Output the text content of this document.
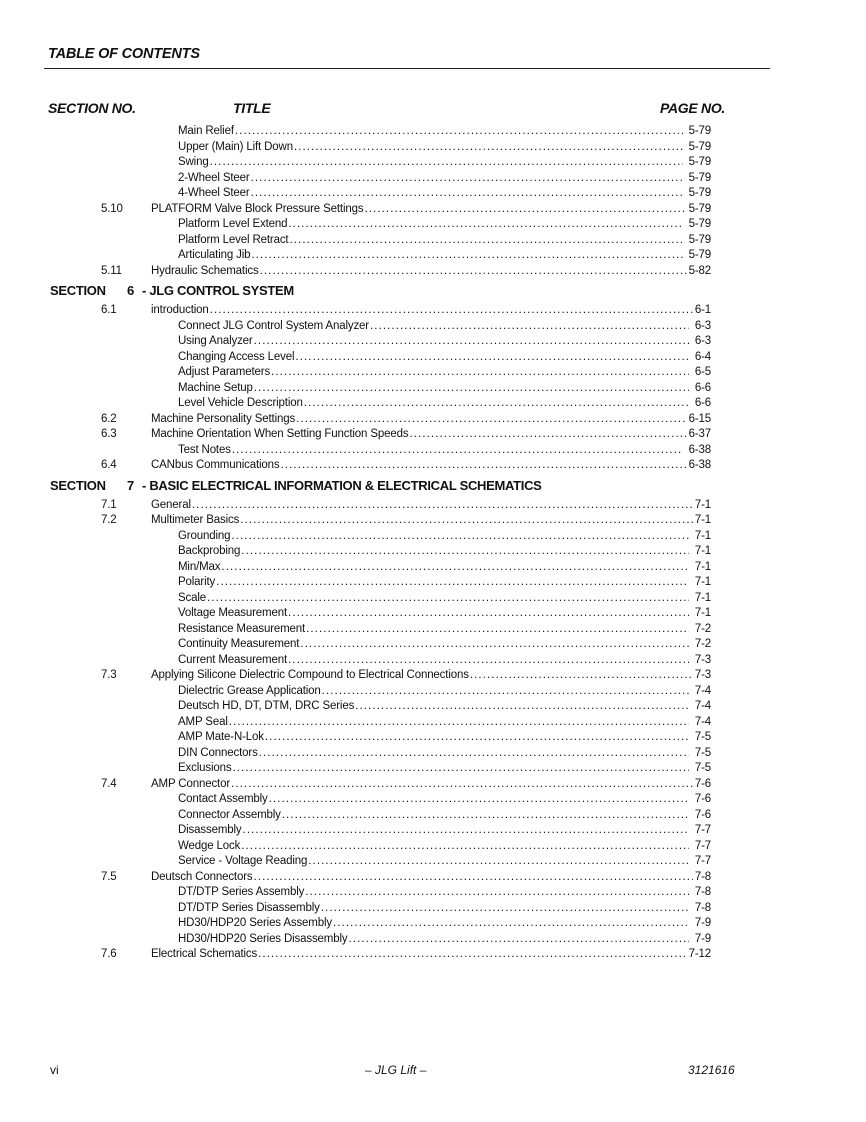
TABLE OF CONTENTS
SECTION NO.	TITLE	PAGE NO.
Main Relief . . .	5-79
Upper (Main) Lift Down . . .	5-79
Swing . . .	5-79
2-Wheel Steer . . .	5-79
4-Wheel Steer . . .	5-79
5.10 PLATFORM Valve Block Pressure Settings . . .	5-79
Platform Level Extend . . .	5-79
Platform Level Retract . . .	5-79
Articulating Jib . . .	5-79
5.11	Hydraulic Schematics . . .	5-82
SECTION 6 - JLG CONTROL SYSTEM
6.1	introduction . . .	6-1
Connect JLG Control System Analyzer . . .	6-3
Using Analyzer . . .	6-3
Changing Access Level . . .	6-4
Adjust Parameters . . .	6-5
Machine Setup . . .	6-6
Level Vehicle Description . . .	6-6
6.2	Machine Personality Settings . . .	6-15
6.3	Machine Orientation When Setting Function Speeds . . .	6-37
Test Notes . . .	6-38
6.4	CANbus Communications . . .	6-38
SECTION 7 - BASIC ELECTRICAL INFORMATION & ELECTRICAL SCHEMATICS
7.1	General . . .	7-1
7.2	Multimeter Basics . . .	7-1
Grounding . . .	7-1
Backprobing . . .	7-1
Min/Max . . .	7-1
Polarity . . .	7-1
Scale . . .	7-1
Voltage Measurement . . .	7-1
Resistance Measurement . . .	7-2
Continuity Measurement . . .	7-2
Current Measurement . . .	7-3
7.3	Applying Silicone Dielectric Compound to Electrical Connections . . .	7-3
Dielectric Grease Application . . .	7-4
Deutsch HD, DT, DTM, DRC Series . . .	7-4
AMP Seal . . .	7-4
AMP Mate-N-Lok . . .	7-5
DIN Connectors . . .	7-5
Exclusions . . .	7-5
7.4	AMP Connector . . .	7-6
Contact Assembly . . .	7-6
Connector Assembly . . .	7-6
Disassembly . . .	7-7
Wedge Lock . . .	7-7
Service - Voltage Reading . . .	7-7
7.5	Deutsch Connectors . . .	7-8
DT/DTP Series Assembly . . .	7-8
DT/DTP Series Disassembly . . .	7-8
HD30/HDP20 Series Assembly . . .	7-9
HD30/HDP20 Series Disassembly . . .	7-9
7.6	Electrical Schematics . . .	7-12
vi	– JLG Lift –	3121616
